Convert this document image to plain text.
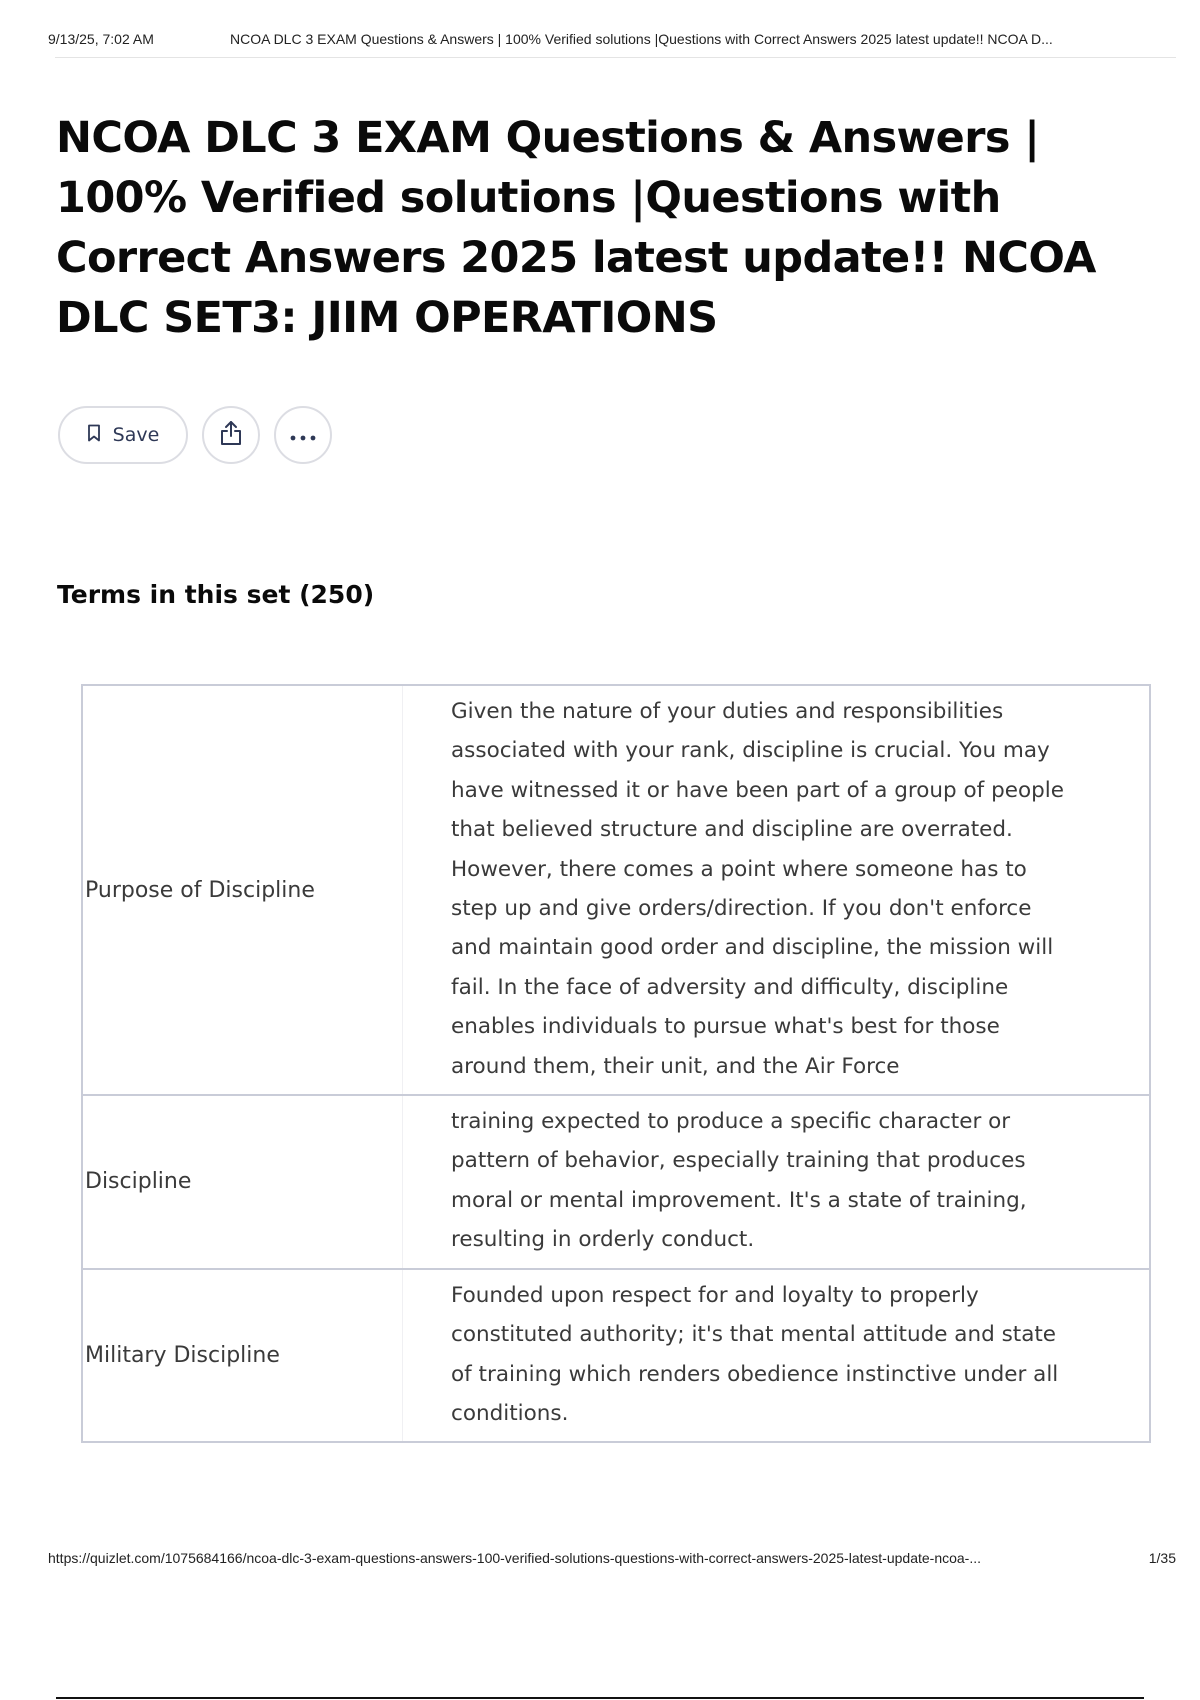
9/13/25, 7:02 AM	NCOA DLC 3 EXAM Questions & Answers | 100% Verified solutions |Questions with Correct Answers 2025 latest update!! NCOA D...
NCOA DLC 3 EXAM Questions & Answers | 100% Verified solutions |Questions with Correct Answers 2025 latest update!! NCOA DLC SET3: JIIM OPERATIONS
Save
Terms in this set (250)
Purpose of Discipline
Given the nature of your duties and responsibilities associated with your rank, discipline is crucial. You may have witnessed it or have been part of a group of people that believed structure and discipline are overrated. However, there comes a point where someone has to step up and give orders/direction. If you don't enforce and maintain good order and discipline, the mission will fail. In the face of adversity and difficulty, discipline enables individuals to pursue what's best for those around them, their unit, and the Air Force
Discipline
training expected to produce a specific character or pattern of behavior, especially training that produces moral or mental improvement. It's a state of training, resulting in orderly conduct.
Military Discipline
Founded upon respect for and loyalty to properly constituted authority; it's that mental attitude and state of training which renders obedience instinctive under all conditions.
https://quizlet.com/1075684166/ncoa-dlc-3-exam-questions-answers-100-verified-solutions-questions-with-correct-answers-2025-latest-update-ncoa-...	1/35
